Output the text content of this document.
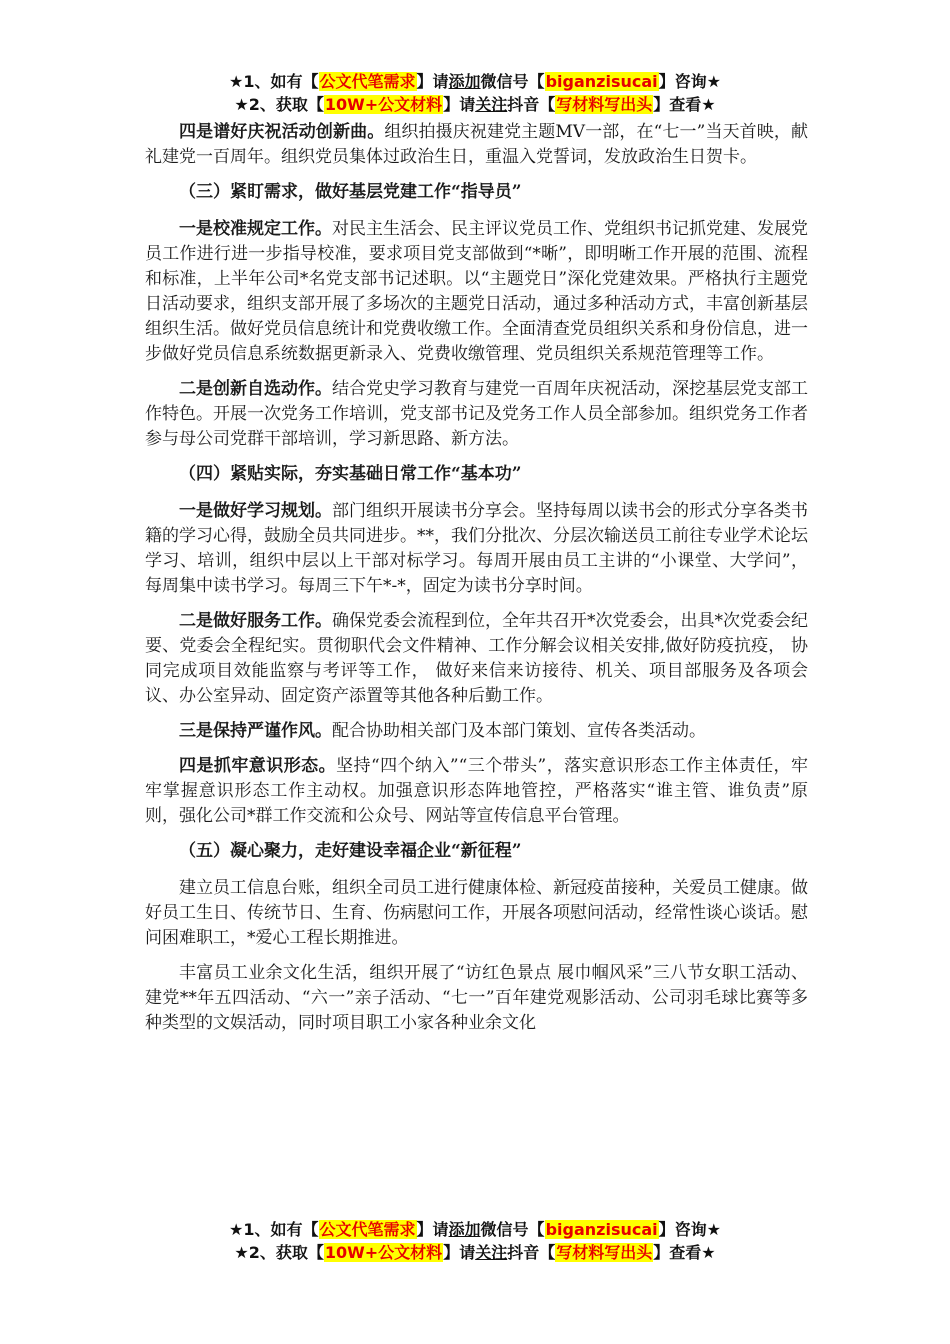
★1、如有【公文代笔需求】请添加微信号【biganzisucai】咨询★
★2、获取【10W+公文材料】请关注抖音【写材料写出头】查看★

四是谱好庆祝活动创新曲。组织拍摄庆祝建党主题MV一部，在“七一”当天首映，献礼建党一百周年。组织党员集体过政治生日，重温入党誓词，发放政治生日贺卡。

（三）紧盯需求，做好基层党建工作“指导员”

一是校准规定工作。对民主生活会、民主评议党员工作、党组织书记抓党建、发展党员工作进行进一步指导校准，要求项目党支部做到“*晰”，即明晰工作开展的范围、流程和标准，上半年公司*名党支部书记述职。以“主题党日”深化党建效果。严格执行主题党日活动要求，组织支部开展了多场次的主题党日活动，通过多种活动方式，丰富创新基层组织生活。做好党员信息统计和党费收缴工作。全面清查党员组织关系和身份信息，进一步做好党员信息系统数据更新录入、党费收缴管理、党员组织关系规范管理等工作。

二是创新自选动作。结合党史学习教育与建党一百周年庆祝活动，深挖基层党支部工作特色。开展一次党务工作培训，党支部书记及党务工作人员全部参加。组织党务工作者参与母公司党群干部培训，学习新思路、新方法。

（四）紧贴实际，夯实基础日常工作“基本功”

一是做好学习规划。部门组织开展读书分享会。坚持每周以读书会的形式分享各类书籍的学习心得，鼓励全员共同进步。**，我们分批次、分层次输送员工前往专业学术论坛学习、培训，组织中层以上干部对标学习。每周开展由员工主讲的“小课堂、大学问”，每周集中读书学习。每周三下午*-*，固定为读书分享时间。

二是做好服务工作。确保党委会流程到位，全年共召开*次党委会，出具*次党委会纪要、党委会全程纪实。贯彻职代会文件精神、工作分解会议相关安排,做好防疫抗疫， 协同完成项目效能监察与考评等工作， 做好来信来访接待、机关、项目部服务及各项会议、办公室异动、固定资产添置等其他各种后勤工作。

三是保持严谨作风。配合协助相关部门及本部门策划、宣传各类活动。

四是抓牢意识形态。坚持“四个纳入”“三个带头”，落实意识形态工作主体责任，牢牢掌握意识形态工作主动权。加强意识形态阵地管控，严格落实“谁主管、谁负责”原则，强化公司*群工作交流和公众号、网站等宣传信息平台管理。

（五）凝心聚力，走好建设幸福企业“新征程”

建立员工信息台账，组织全司员工进行健康体检、新冠疫苗接种，关爱员工健康。做好员工生日、传统节日、生育、伤病慰问工作，开展各项慰问活动，经常性谈心谈话。慰问困难职工，*爱心工程长期推进。

丰富员工业余文化生活，组织开展了“访红色景点 展巾帼风采”三八节女职工活动、建党**年五四活动、“六一”亲子活动、“七一”百年建党观影活动、公司羽毛球比赛等多种类型的文娱活动，同时项目职工小家各种业余文化

★1、如有【公文代笔需求】请添加微信号【biganzisucai】咨询★
★2、获取【10W+公文材料】请关注抖音【写材料写出头】查看★
